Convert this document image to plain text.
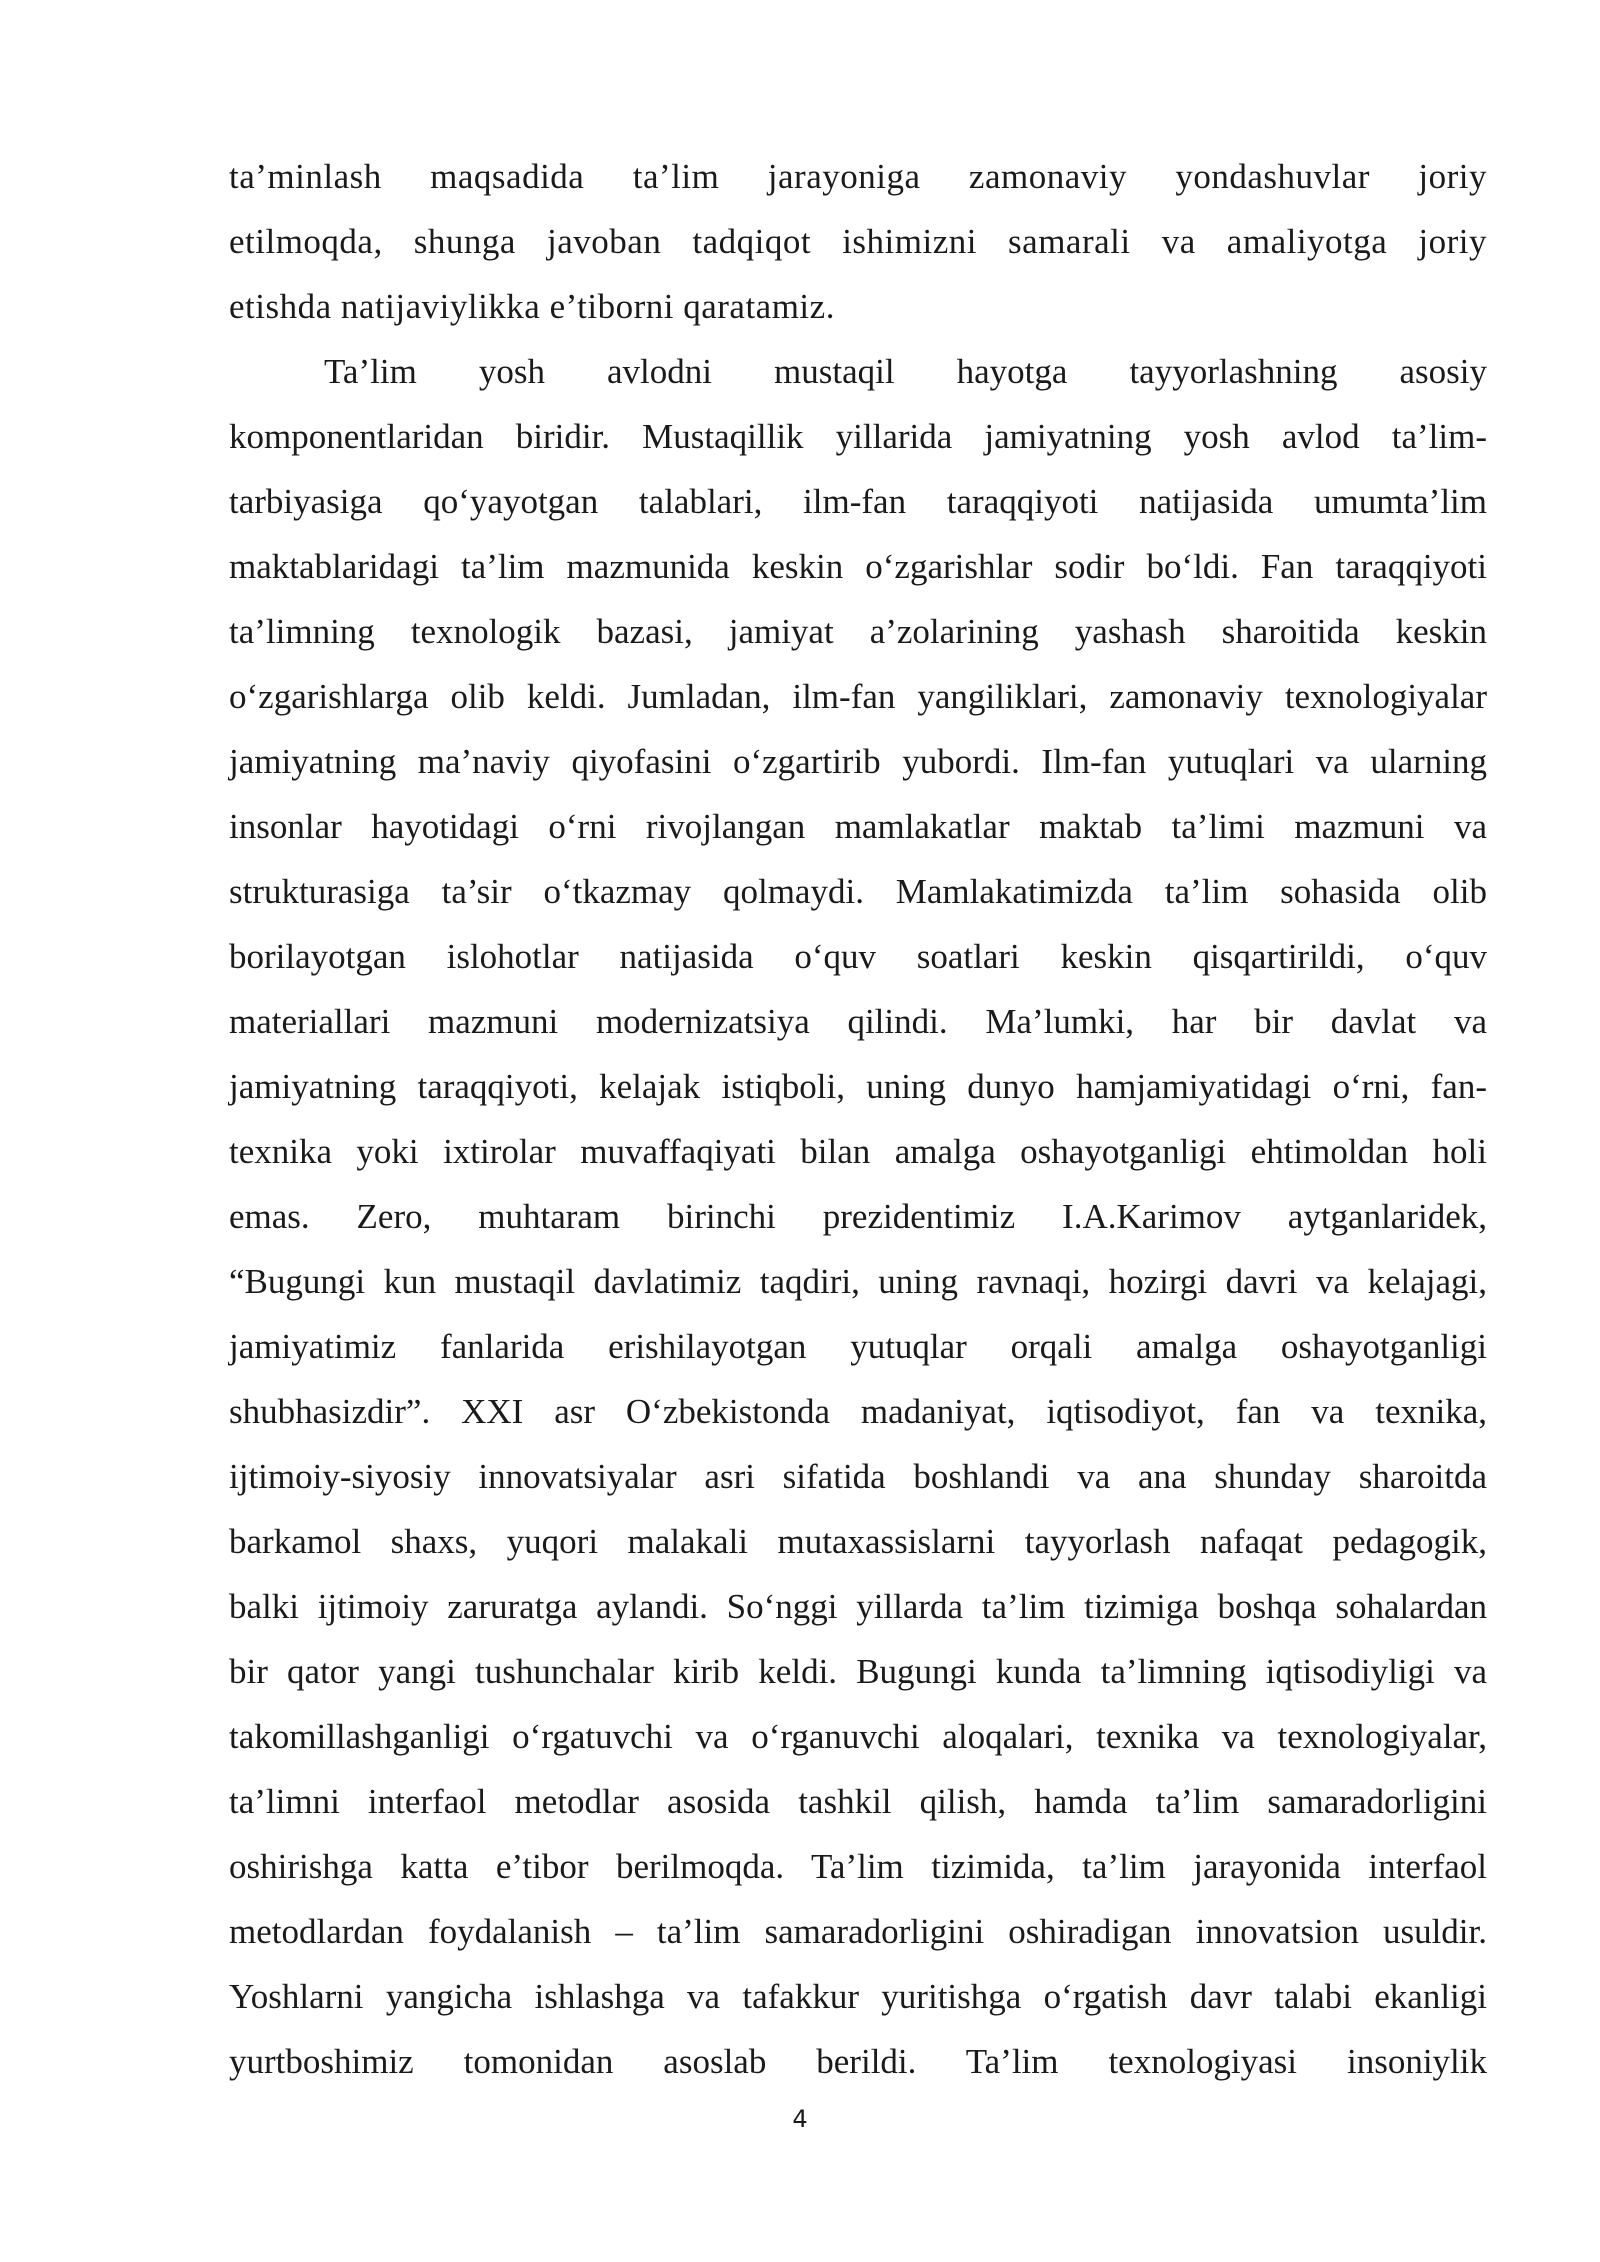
ta’minlash maqsadida ta’lim jarayoniga zamonaviy yondashuvlar joriy
etilmoqda, shunga javoban tadqiqot ishimizni samarali va amaliyotga joriy
etishda natijaviylikka e’tiborni qaratamiz.
Ta’lim yosh avlodni mustaqil hayotga tayyorlashning asosiy
komponentlaridan biridir. Mustaqillik yillarida jamiyatning yosh avlod ta’lim-
tarbiyasiga qo‘yayotgan talablari, ilm-fan taraqqiyoti natijasida umumta’lim
maktablaridagi ta’lim mazmunida keskin o‘zgarishlar sodir bo‘ldi. Fan taraqqiyoti
ta’limning texnologik bazasi, jamiyat a’zolarining yashash sharoitida keskin
o‘zgarishlarga olib keldi. Jumladan, ilm-fan yangiliklari, zamonaviy texnologiyalar
jamiyatning ma’naviy qiyofasini o‘zgartirib yubordi. Ilm-fan yutuqlari va ularning
insonlar hayotidagi o‘rni rivojlangan mamlakatlar maktab ta’limi mazmuni va
strukturasiga ta’sir o‘tkazmay qolmaydi. Mamlakatimizda ta’lim sohasida olib
borilayotgan islohotlar natijasida o‘quv soatlari keskin qisqartirildi, o‘quv
materiallari mazmuni modernizatsiya qilindi. Ma’lumki, har bir davlat va
jamiyatning taraqqiyoti, kelajak istiqboli, uning dunyo hamjamiyatidagi o‘rni, fan-
texnika yoki ixtirolar muvaffaqiyati bilan amalga oshayotganligi ehtimoldan holi
emas. Zero, muhtaram birinchi prezidentimiz I.A.Karimov aytganlaridek,
“Bugungi kun mustaqil davlatimiz taqdiri, uning ravnaqi, hozirgi davri va kelajagi,
jamiyatimiz fanlarida erishilayotgan yutuqlar orqali amalga oshayotganligi
shubhasizdir”. XXI asr O‘zbekistonda madaniyat, iqtisodiyot, fan va texnika,
ijtimoiy-siyosiy innovatsiyalar asri sifatida boshlandi va ana shunday sharoitda
barkamol shaxs, yuqori malakali mutaxassislarni tayyorlash nafaqat pedagogik,
balki ijtimoiy zaruratga aylandi. So‘nggi yillarda ta’lim tizimiga boshqa sohalardan
bir qator yangi tushunchalar kirib keldi. Bugungi kunda ta’limning iqtisodiyligi va
takomillashganligi o‘rgatuvchi va o‘rganuvchi aloqalari, texnika va texnologiyalar,
ta’limni interfaol metodlar asosida tashkil qilish, hamda ta’lim samaradorligini
oshirishga katta e’tibor berilmoqda. Ta’lim tizimida, ta’lim jarayonida interfaol
metodlardan foydalanish – ta’lim samaradorligini oshiradigan innovatsion usuldir.
Yoshlarni yangicha ishlashga va tafakkur yuritishga o‘rgatish davr talabi ekanligi
yurtboshimiz tomonidan asoslab berildi. Ta’lim texnologiyasi insoniylik
4
